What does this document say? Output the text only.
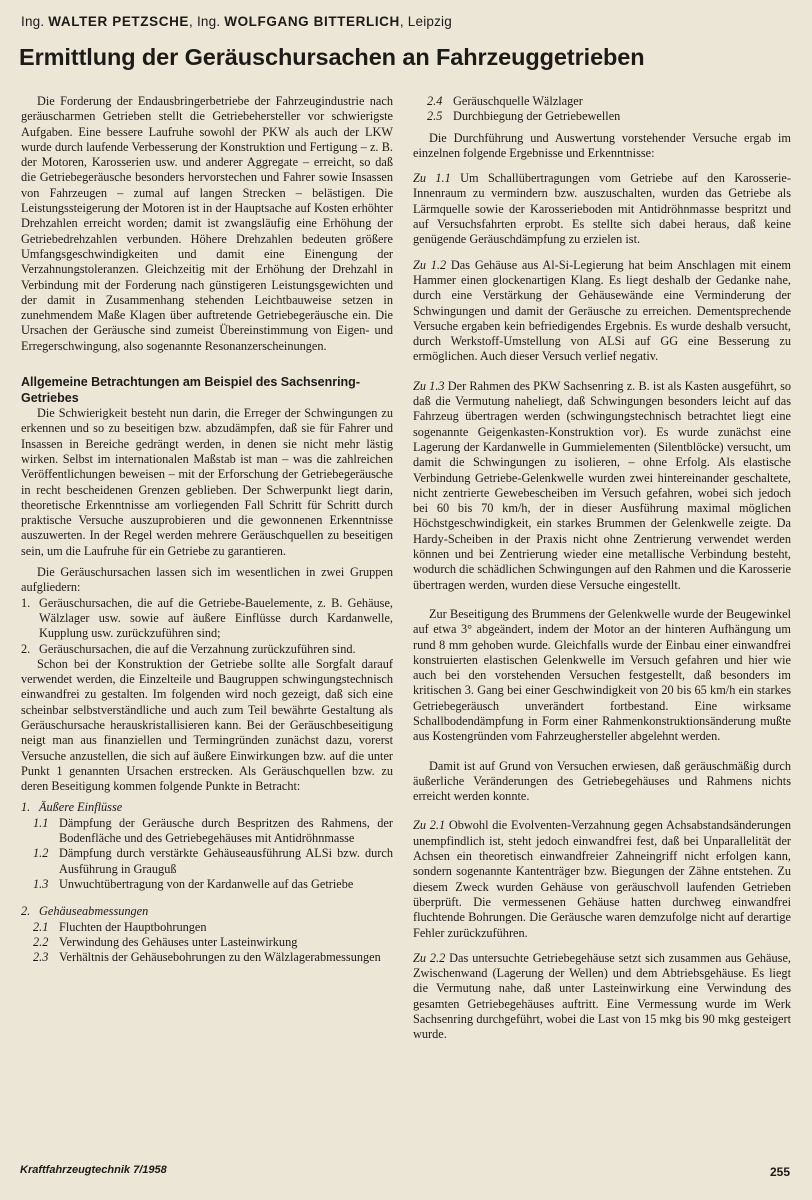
Ing. WALTER PETZSCHE, Ing. WOLFGANG BITTERLICH, Leipzig
Ermittlung der Geräuschursachen an Fahrzeuggetrieben

Die Forderung der Endausbringerbetriebe der Fahrzeugindustrie nach geräuscharmen Getrieben stellt die Getriebehersteller vor schwierigste Aufgaben. Eine bessere Laufruhe sowohl der PKW als auch der LKW wurde durch laufende Verbesserung der Konstruktion und Fertigung – z. B. der Motoren, Karosserien usw. und anderer Aggregate – erreicht, so daß die Getriebegeräusche besonders hervorstechen und Fahrer sowie Insassen von Fahrzeugen – zumal auf langen Strecken – belästigen. Die Leistungssteigerung der Motoren ist in der Hauptsache auf Kosten erhöhter Drehzahlen erreicht worden; damit ist zwangsläufig eine Erhöhung der Getriebedrehzahlen verbunden. Höhere Drehzahlen bedeuten größere Umfangsgeschwindigkeiten und damit eine Einengung der Verzahnungstoleranzen. Gleichzeitig mit der Erhöhung der Drehzahl in Verbindung mit der Forderung nach günstigeren Leistungsgewichten und der damit in Zusammenhang stehenden Leichtbauweise setzen in zunehmendem Maße Klagen über auftretende Getriebegeräusche ein. Die Ursachen der Geräusche sind zumeist Übereinstimmung von Eigen- und Erregerschwingung, also sogenannte Resonanzerscheinungen.

Allgemeine Betrachtungen am Beispiel des Sachsenring-Getriebes

Die Schwierigkeit besteht nun darin, die Erreger der Schwingungen zu erkennen und so zu beseitigen bzw. abzudämpfen, daß sie für Fahrer und Insassen in Bereiche gedrängt werden, in denen sie nicht mehr lästig wirken. Selbst im internationalen Maßstab ist man – was die zahlreichen Veröffentlichungen beweisen – mit der Erforschung der Getriebegeräusche in recht bescheidenen Grenzen geblieben. Der Schwerpunkt liegt darin, theoretische Erkenntnisse am vorliegenden Fall Schritt für Schritt durch praktische Versuche auszuprobieren und die gewonnenen Erkenntnisse auszuwerten. In der Regel werden mehrere Geräuschquellen zu beseitigen sein, um die Laufruhe für ein Getriebe zu garantieren.

Die Geräuschursachen lassen sich im wesentlichen in zwei Gruppen aufgliedern:

1. Geräuschursachen, die auf die Getriebe-Bauelemente, z. B. Gehäuse, Wälzlager usw. sowie auf äußere Einflüsse durch Kardanwelle, Kupplung usw. zurückzuführen sind;
2. Geräuschursachen, die auf die Verzahnung zurückzuführen sind.

Schon bei der Konstruktion der Getriebe sollte alle Sorgfalt darauf verwendet werden, die Einzelteile und Baugruppen schwingungstechnisch einwandfrei zu gestalten. Im folgenden wird noch gezeigt, daß sich eine scheinbar selbstverständliche und auch zum Teil bewährte Gestaltung als Geräuschursache herauskristallisieren kann. Bei der Geräuschbeseitigung neigt man aus finanziellen und Termingründen zunächst dazu, vorerst Versuche anzustellen, die sich auf äußere Einwirkungen bzw. auf die unter Punkt 1 genannten Ursachen erstrecken. Als Geräuschquellen bzw. zu deren Beseitigung kommen folgende Punkte in Betracht:

1. Äußere Einflüsse
1.1 Dämpfung der Geräusche durch Bespritzen des Rahmens, der Bodenfläche und des Getriebegehäuses mit Antidröhnmasse
1.2 Dämpfung durch verstärkte Gehäuseausführung ALSi bzw. durch Ausführung in Grauguß
1.3 Unwuchtübertragung von der Kardanwelle auf das Getriebe
2. Gehäuseabmessungen
2.1 Fluchten der Hauptbohrungen
2.2 Verwindung des Gehäuses unter Lasteinwirkung
2.3 Verhältnis der Gehäusebohrungen zu den Wälzlagerabmessungen
2.4 Geräuschquelle Wälzlager
2.5 Durchbiegung der Getriebewellen

Die Durchführung und Auswertung vorstehender Versuche ergab im einzelnen folgende Ergebnisse und Erkenntnisse:

Zu 1.1 Um Schallübertragungen vom Getriebe auf den Karosserie-Innenraum zu vermindern bzw. auszuschalten, wurden das Getriebe als Lärmquelle sowie der Karosserieboden mit Antidröhnmasse bespritzt und auf Versuchsfahrten erprobt. Es stellte sich dabei heraus, daß keine genügende Geräuschdämpfung zu erzielen ist.

Zu 1.2 Das Gehäuse aus Al-Si-Legierung hat beim Anschlagen mit einem Hammer einen glockenartigen Klang. Es liegt deshalb der Gedanke nahe, durch eine Verstärkung der Gehäusewände eine Verminderung der Schwingungen und damit der Geräusche zu erreichen. Dementsprechende Versuche ergaben kein befriedigendes Ergebnis. Es wurde deshalb versucht, durch Werkstoff-Umstellung von ALSi auf GG eine Besserung zu ermöglichen. Auch dieser Versuch verlief negativ.

Zu 1.3 Der Rahmen des PKW Sachsenring z. B. ist als Kasten ausgeführt, so daß die Vermutung naheliegt, daß Schwingungen besonders leicht auf das Fahrzeug übertragen werden (schwingungstechnisch betrachtet liegt eine sogenannte Geigenkasten-Konstruktion vor). Es wurde zunächst eine Lagerung der Kardanwelle in Gummielementen (Silentblöcke) versucht, um damit die Schwingungen zu isolieren, – ohne Erfolg. Als elastische Verbindung Getriebe-Gelenkwelle wurden zwei hintereinander geschaltete, nicht zentrierte Gewebescheiben im Versuch gefahren, wobei sich jedoch bei 60 bis 70 km/h, der in dieser Ausführung maximal möglichen Höchstgeschwindigkeit, ein starkes Brummen der Gelenkwelle zeigte. Da Hardy-Scheiben in der Praxis nicht ohne Zentrierung verwendet werden können und bei Zentrierung wieder eine metallische Verbindung besteht, wodurch die schädlichen Schwingungen auf den Rahmen und die Karosserie übertragen werden, wurden diese Versuche eingestellt.

Zur Beseitigung des Brummens der Gelenkwelle wurde der Beugewinkel auf etwa 3° abgeändert, indem der Motor an der hinteren Aufhängung um rund 8 mm gehoben wurde. Gleichfalls wurde der Einbau einer einwandfrei konstruierten elastischen Gelenkwelle im Versuch gefahren und hier wie auch bei den vorstehenden Versuchen festgestellt, daß besonders im kritischen 3. Gang bei einer Geschwindigkeit von 20 bis 65 km/h ein starkes Getriebegeräusch unverändert fortbestand. Eine wirksame Schallbodendämpfung in Form einer Rahmenkonstruktionsänderung mußte aus Kostengründen vom Fahrzeughersteller abgelehnt werden.

Damit ist auf Grund von Versuchen erwiesen, daß geräuschmäßig durch äußerliche Veränderungen des Getriebegehäuses und Rahmens nichts erreicht werden konnte.

Zu 2.1 Obwohl die Evolventen-Verzahnung gegen Achsabstandsänderungen unempfindlich ist, steht jedoch einwandfrei fest, daß bei Unparallelität der Achsen ein theoretisch einwandfreier Zahneingriff nicht erfolgen kann, sondern sogenannte Kantenträger bzw. Biegungen der Zähne entstehen. Zu diesem Zweck wurden Gehäuse von geräuschvoll laufenden Getrieben überprüft. Die vermessenen Gehäuse hatten durchweg einwandfrei fluchtende Bohrungen. Die Geräusche waren demzufolge nicht auf derartige Fehler zurückzuführen.

Zu 2.2 Das untersuchte Getriebegehäuse setzt sich zusammen aus Gehäuse, Zwischenwand (Lagerung der Wellen) und dem Abtriebsgehäuse. Es liegt die Vermutung nahe, daß unter Lasteinwirkung eine Verwindung des gesamten Getriebegehäuses auftritt. Eine Vermessung wurde im Werk Sachsenring durchgeführt, wobei die Last von 15 mkg bis 90 mkg gesteigert wurde.

Kraftfahrzeugtechnik 7/1958	255
